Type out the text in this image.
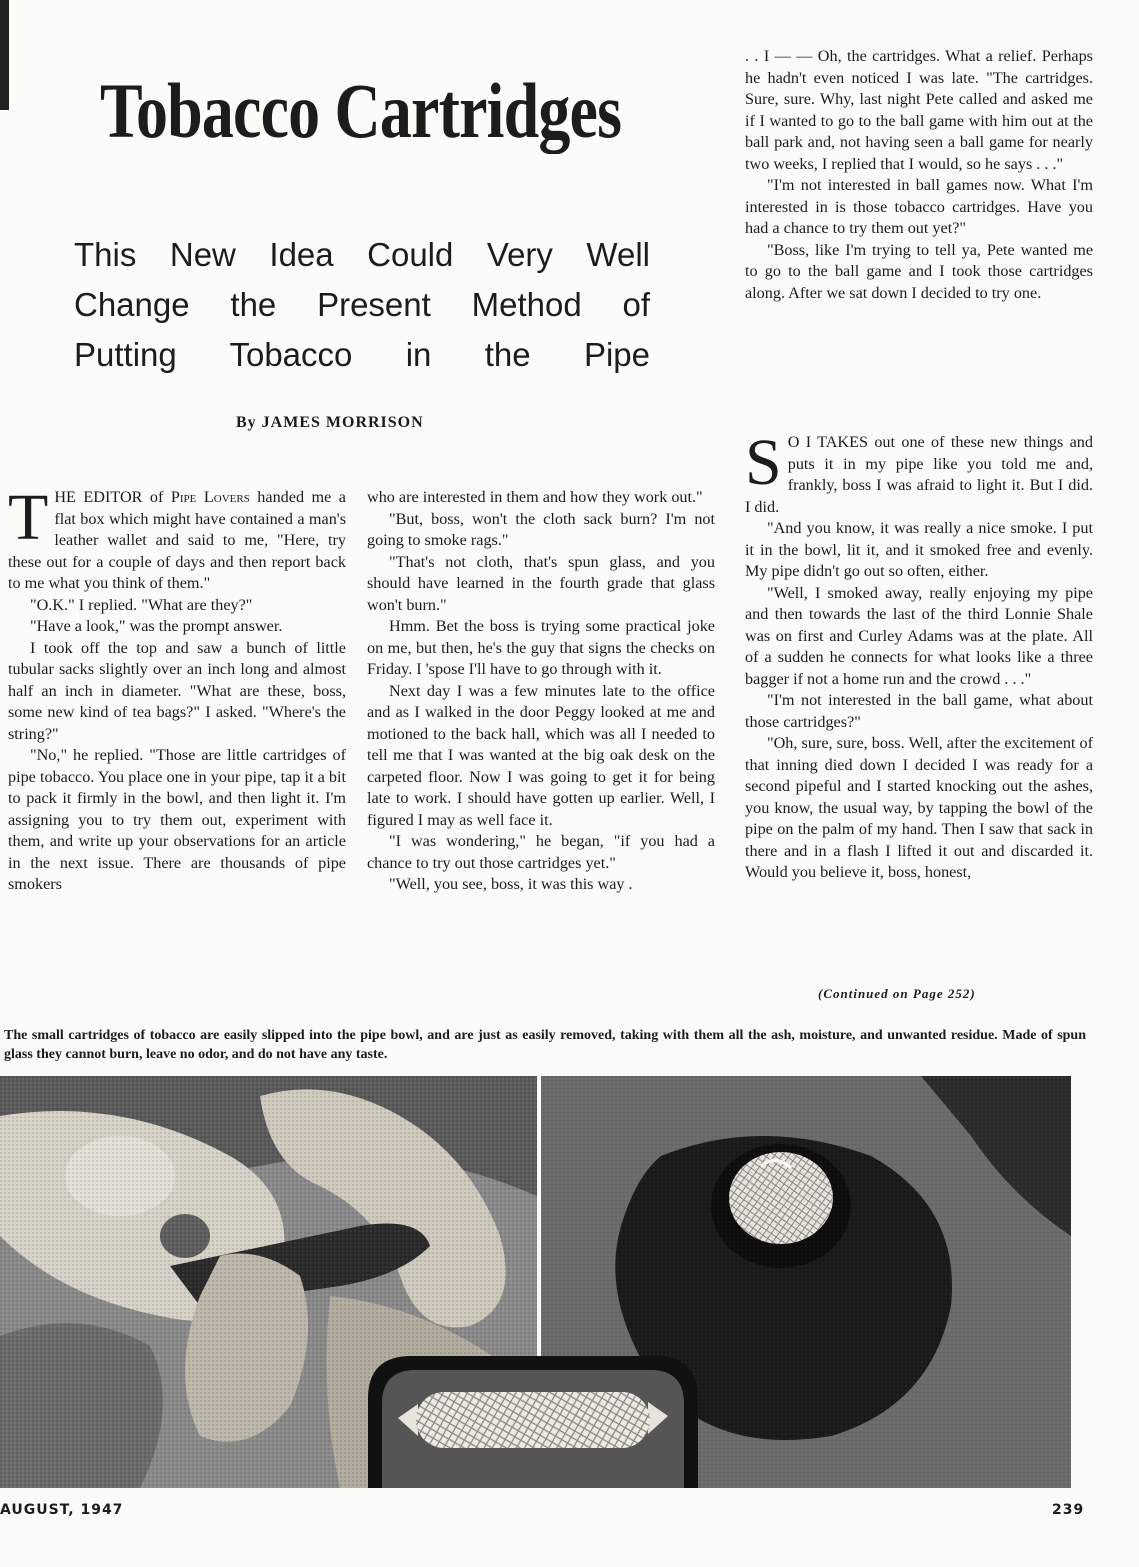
Tobacco Cartridges
This New Idea Could Very Well
Change the Present Method of
Putting Tobacco in the Pipe
By JAMES MORRISON

THE EDITOR of Pipe Lovers handed me a flat box which might have contained a man's leather wallet and said to me, "Here, try these out for a couple of days and then report back to me what you think of them."

"O.K." I replied. "What are they?"

"Have a look," was the prompt answer.

I took off the top and saw a bunch of little tubular sacks slightly over an inch long and almost half an inch in diameter. "What are these, boss, some new kind of tea bags?" I asked. "Where's the string?"

"No," he replied. "Those are little cartridges of pipe tobacco. You place one in your pipe, tap it a bit to pack it firmly in the bowl, and then light it. I'm assigning you to try them out, experiment with them, and write up your observations for an article in the next issue. There are thousands of pipe smokers

who are interested in them and how they work out."

"But, boss, won't the cloth sack burn? I'm not going to smoke rags."

"That's not cloth, that's spun glass, and you should have learned in the fourth grade that glass won't burn."

Hmm. Bet the boss is trying some practical joke on me, but then, he's the guy that signs the checks on Friday. I 'spose I'll have to go through with it.

Next day I was a few minutes late to the office and as I walked in the door Peggy looked at me and motioned to the back hall, which was all I needed to tell me that I was wanted at the big oak desk on the carpeted floor. Now I was going to get it for being late to work. I should have gotten up earlier. Well, I figured I may as well face it.

"I was wondering," he began, "if you had a chance to try out those cartridges yet."

"Well, you see, boss, it was this way .

. . I — — Oh, the cartridges. What a relief. Perhaps he hadn't even noticed I was late. "The cartridges. Sure, sure. Why, last night Pete called and asked me if I wanted to go to the ball game with him out at the ball park and, not having seen a ball game for nearly two weeks, I replied that I would, so he says . . ."

"I'm not interested in ball games now. What I'm interested in is those tobacco cartridges. Have you had a chance to try them out yet?"

"Boss, like I'm trying to tell ya, Pete wanted me to go to the ball game and I took those cartridges along. After we sat down I decided to try one.

S O I TAKES out one of these new things and puts it in my pipe like you told me and, frankly, boss I was afraid to light it. But I did. I did.

"And you know, it was really a nice smoke. I put it in the bowl, lit it, and it smoked free and evenly. My pipe didn't go out so often, either.

"Well, I smoked away, really enjoying my pipe and then towards the last of the third Lonnie Shale was on first and Curley Adams was at the plate. All of a sudden he connects for what looks like a three bagger if not a home run and the crowd . . ."

"I'm not interested in the ball game, what about those cartridges?"

"Oh, sure, sure, boss. Well, after the excitement of that inning died down I decided I was ready for a second pipeful and I started knocking out the ashes, you know, the usual way, by tapping the bowl of the pipe on the palm of my hand. Then I saw that sack in there and in a flash I lifted it out and discarded it. Would you believe it, boss, honest,

(Continued on Page 252)
The small cartridges of tobacco are easily slipped into the pipe bowl, and are just as easily removed, taking with them all the ash, moisture, and unwanted residue. Made of spun glass they cannot burn, leave no odor, and do not have any taste.
AUGUST, 1947	239
